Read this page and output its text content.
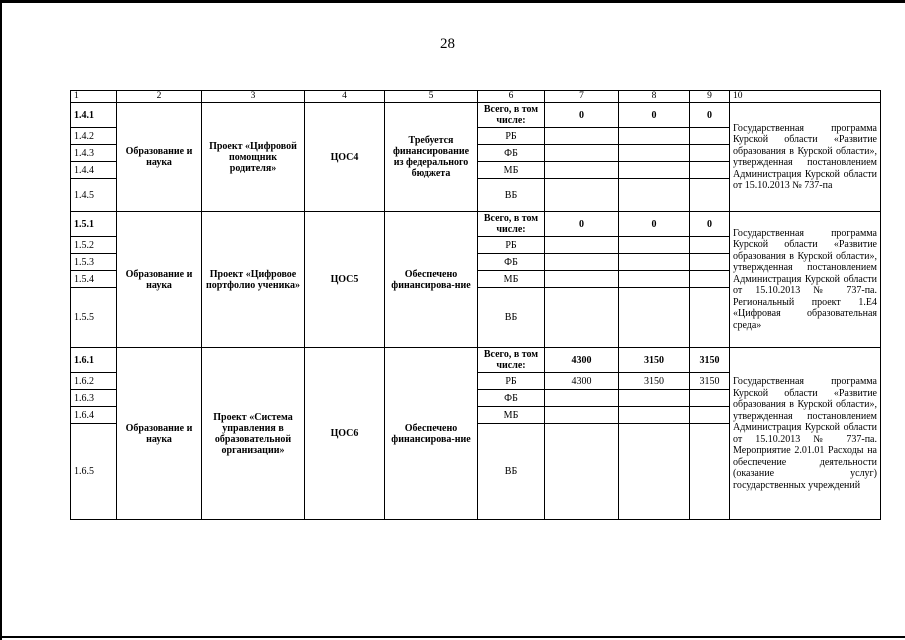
28
1	2	3	4	5	6	7	8	9	10
1.4.1	Образование и наука	Проект «Цифровой помощник родителя»	ЦОС4	Требуется финансирование из федерального бюджета	Всего, в том числе:	0	0	0	Государственная программа Курской области «Развитие образования в Курской области», утвержденная постановлением Администрация Курской области от 15.10.2013 № 737-па
1.4.2					РБ				
1.4.3					ФБ				
1.4.4					МБ				
1.4.5					ВБ				
1.5.1	Образование и наука	Проект «Цифровое портфолио ученика»	ЦОС5	Обеспечено финансирова-ние	Всего, в том числе:	0	0	0	Государственная программа Курской области «Развитие образования в Курской области», утвержденная постановлением Администрация Курской области от 15.10.2013 № 737-па. Региональный проект 1.Е4 «Цифровая образовательная среда»
1.5.2					РБ				
1.5.3					ФБ				
1.5.4					МБ				
1.5.5					ВБ				
1.6.1	Образование и наука	Проект «Система управления в образовательной организации»	ЦОС6	Обеспечено финансирова-ние	Всего, в том числе:	4300	3150	3150	Государственная программа Курской области «Развитие образования в Курской области», утвержденная постановлением Администрация Курской области от 15.10.2013 № 737-па. Мероприятие 2.01.01 Расходы на обеспечение деятельности (оказание услуг) государственных учреждений
1.6.2					РБ	4300	3150	3150	
1.6.3					ФБ				
1.6.4					МБ				
1.6.5					ВБ				
